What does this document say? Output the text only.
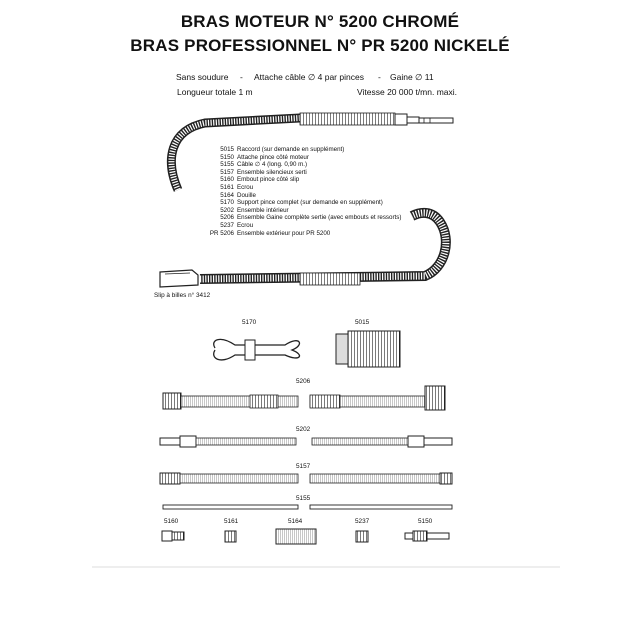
BRAS MOTEUR N° 5200 CHROMÉ
BRAS PROFESSIONNEL N° PR 5200 NICKELÉ
Sans soudure - Attache câble ∅ 4 par pinces - Gaine ∅ 11
Longueur totale 1 m	Vitesse 20 000 t/mn. maxi.
5015 Raccord (sur demande en supplément)
5150 Attache pince côté moteur
5155 Câble ∅ 4 (long. 0,90 m.)
5157 Ensemble silencieux serti
5160 Embout pince côté slip
5161 Ecrou
5164 Douille
5170 Support pince complet (sur demande en supplément)
5202 Ensemble intérieur
5206 Ensemble Gaine complète sertie (avec embouts et ressorts)
5237 Ecrou
PR 5206 Ensemble extérieur pour PR 5200
Slip à billes n° 3412
5170	5015
5206
5202
5157
5155
5160	5161	5164	5237	5150
